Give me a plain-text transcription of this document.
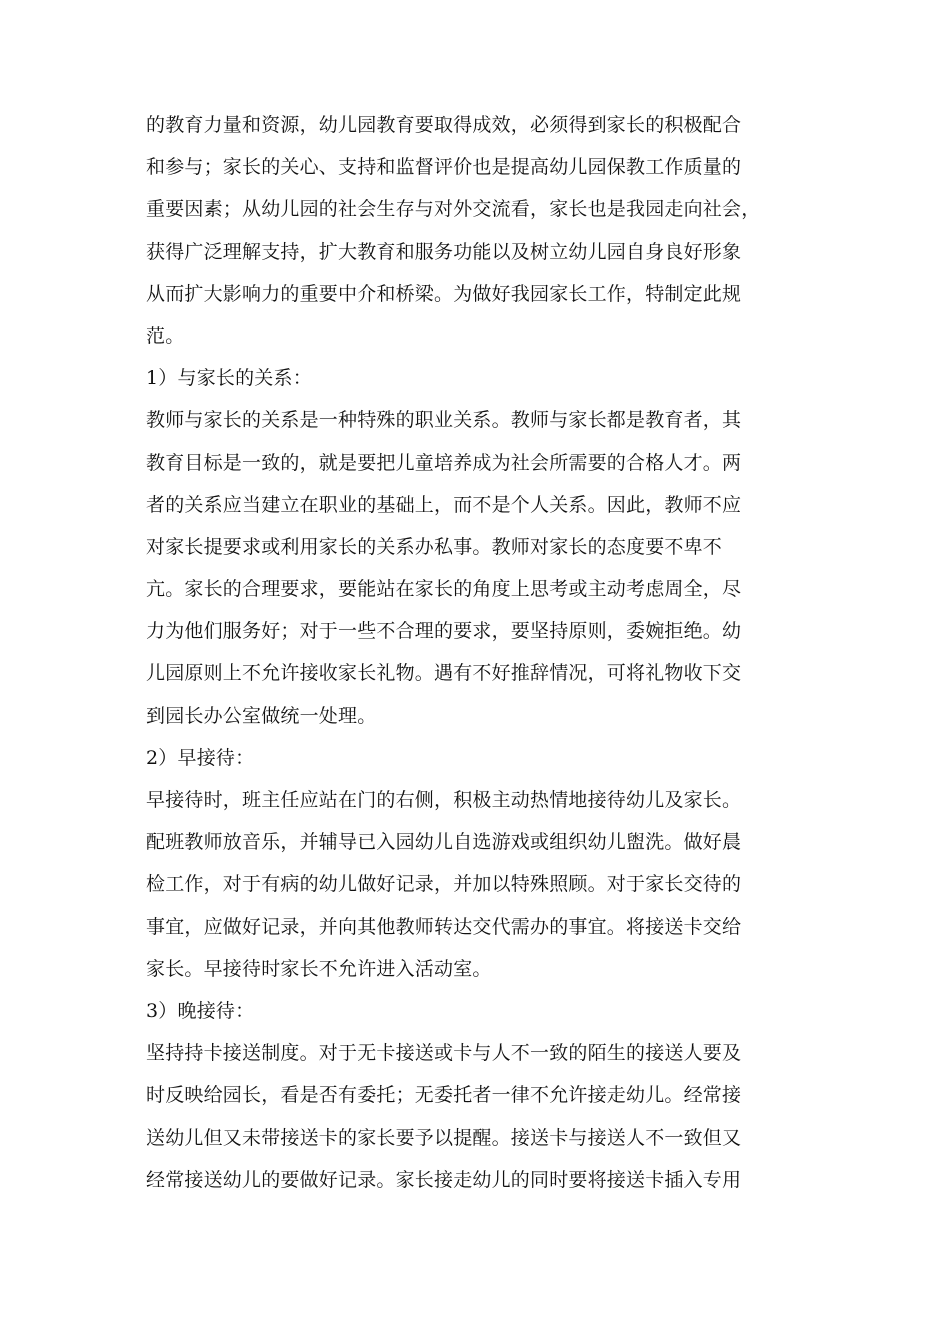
的教育力量和资源，幼儿园教育要取得成效，必须得到家长的积极配合
和参与；家长的关心、支持和监督评价也是提高幼儿园保教工作质量的
重要因素；从幼儿园的社会生存与对外交流看，家长也是我园走向社会，
获得广泛理解支持，扩大教育和服务功能以及树立幼儿园自身良好形象
从而扩大影响力的重要中介和桥梁。为做好我园家长工作，特制定此规
范。
1）与家长的关系：
教师与家长的关系是一种特殊的职业关系。教师与家长都是教育者，其
教育目标是一致的，就是要把儿童培养成为社会所需要的合格人才。两
者的关系应当建立在职业的基础上，而不是个人关系。因此，教师不应
对家长提要求或利用家长的关系办私事。教师对家长的态度要不卑不
亢。家长的合理要求，要能站在家长的角度上思考或主动考虑周全，尽
力为他们服务好；对于一些不合理的要求，要坚持原则，委婉拒绝。幼
儿园原则上不允许接收家长礼物。遇有不好推辞情况，可将礼物收下交
到园长办公室做统一处理。
2）早接待：
早接待时，班主任应站在门的右侧，积极主动热情地接待幼儿及家长。
配班教师放音乐，并辅导已入园幼儿自选游戏或组织幼儿盥洗。做好晨
检工作，对于有病的幼儿做好记录，并加以特殊照顾。对于家长交待的
事宜，应做好记录，并向其他教师转达交代需办的事宜。将接送卡交给
家长。早接待时家长不允许进入活动室。
3）晚接待：
坚持持卡接送制度。对于无卡接送或卡与人不一致的陌生的接送人要及
时反映给园长，看是否有委托；无委托者一律不允许接走幼儿。经常接
送幼儿但又未带接送卡的家长要予以提醒。接送卡与接送人不一致但又
经常接送幼儿的要做好记录。家长接走幼儿的同时要将接送卡插入专用
